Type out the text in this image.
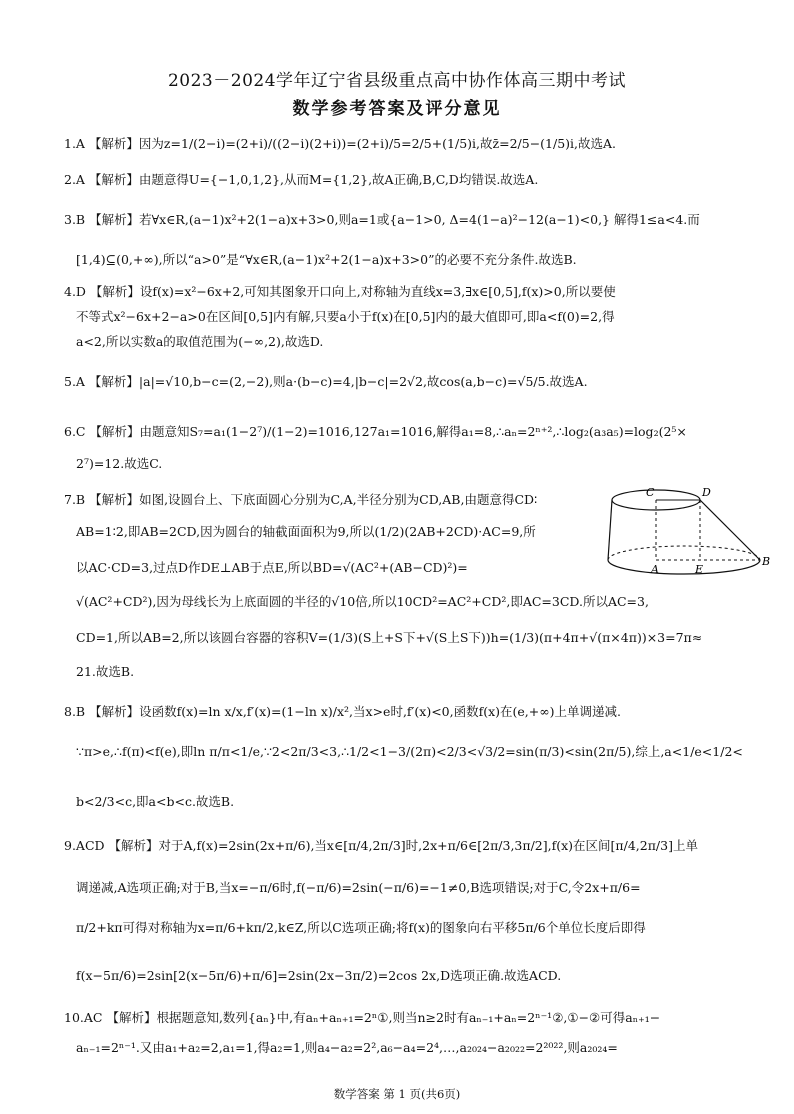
2023－2024学年辽宁省县级重点高中协作体高三期中考试
数学参考答案及评分意见
1.A 【解析】因为z=1/(2−i)=(2+i)/((2−i)(2+i))=(2+i)/5=2/5+(1/5)i,故z̄=2/5−(1/5)i,故选A.
2.A 【解析】由题意得U={−1,0,1,2},从而M={1,2},故A正确,B,C,D均错误.故选A.
3.B 【解析】若∀x∈R,(a−1)x²+2(1−a)x+3>0,则a=1或{a−1>0, Δ=4(1−a)²−12(a−1)<0,} 解得1≤a<4.而
[1,4)⊆(0,+∞),所以“a>0”是“∀x∈R,(a−1)x²+2(1−a)x+3>0”的必要不充分条件.故选B.
4.D 【解析】设f(x)=x²−6x+2,可知其图象开口向上,对称轴为直线x=3,∃x∈[0,5],f(x)>0,所以要使
不等式x²−6x+2−a>0在区间[0,5]内有解,只要a小于f(x)在[0,5]内的最大值即可,即a<f(0)=2,得
a<2,所以实数a的取值范围为(−∞,2),故选D.
5.A 【解析】|a|=√10,b−c=(2,−2),则a·(b−c)=4,|b−c|=2√2,故cos(a,b−c)=√5/5.故选A.
6.C 【解析】由题意知S₇=a₁(1−2⁷)/(1−2)=1016,127a₁=1016,解得a₁=8,∴aₙ=2ⁿ⁺²,∴log₂(a₃a₅)=log₂(2⁵×
2⁷)=12.故选C.
7.B 【解析】如图,设圆台上、下底面圆心分别为C,A,半径分别为CD,AB,由题意得CD∶
AB=1∶2,即AB=2CD,因为圆台的轴截面面积为9,所以(1/2)(2AB+2CD)·AC=9,所
以AC·CD=3,过点D作DE⊥AB于点E,所以BD=√(AC²+(AB−CD)²)=
√(AC²+CD²),因为母线长为上底面圆的半径的√10倍,所以10CD²=AC²+CD²,即AC=3CD.所以AC=3,
CD=1,所以AB=2,所以该圆台容器的容积V=(1/3)(S上+S下+√(S上S下))h=(1/3)(π+4π+√(π×4π))×3=7π≈
21.故选B.
8.B 【解析】设函数f(x)=ln x/x,f′(x)=(1−ln x)/x²,当x>e时,f′(x)<0,函数f(x)在(e,+∞)上单调递减.
∵π>e,∴f(π)<f(e),即ln π/π<1/e,∵2<2π/3<3,∴1/2<1−3/(2π)<2/3<√3/2=sin(π/3)<sin(2π/5),综上,a<1/e<1/2<
b<2/3<c,即a<b<c.故选B.
9.ACD 【解析】对于A,f(x)=2sin(2x+π/6),当x∈[π/4,2π/3]时,2x+π/6∈[2π/3,3π/2],f(x)在区间[π/4,2π/3]上单
调递减,A选项正确;对于B,当x=−π/6时,f(−π/6)=2sin(−π/6)=−1≠0,B选项错误;对于C,令2x+π/6=
π/2+kπ可得对称轴为x=π/6+kπ/2,k∈Z,所以C选项正确;将f(x)的图象向右平移5π/6个单位长度后即得
f(x−5π/6)=2sin[2(x−5π/6)+π/6]=2sin(2x−3π/2)=2cos 2x,D选项正确.故选ACD.
10.AC 【解析】根据题意知,数列{aₙ}中,有aₙ+aₙ₊₁=2ⁿ①,则当n≥2时有aₙ₋₁+aₙ=2ⁿ⁻¹②,①−②可得aₙ₊₁−
aₙ₋₁=2ⁿ⁻¹.又由a₁+a₂=2,a₁=1,得a₂=1,则a₄−a₂=2²,a₆−a₄=2⁴,…,a₂₀₂₄−a₂₀₂₂=2²⁰²²,则a₂₀₂₄=
C	D
A	E
B
数学答案 第 1 页(共6页)
